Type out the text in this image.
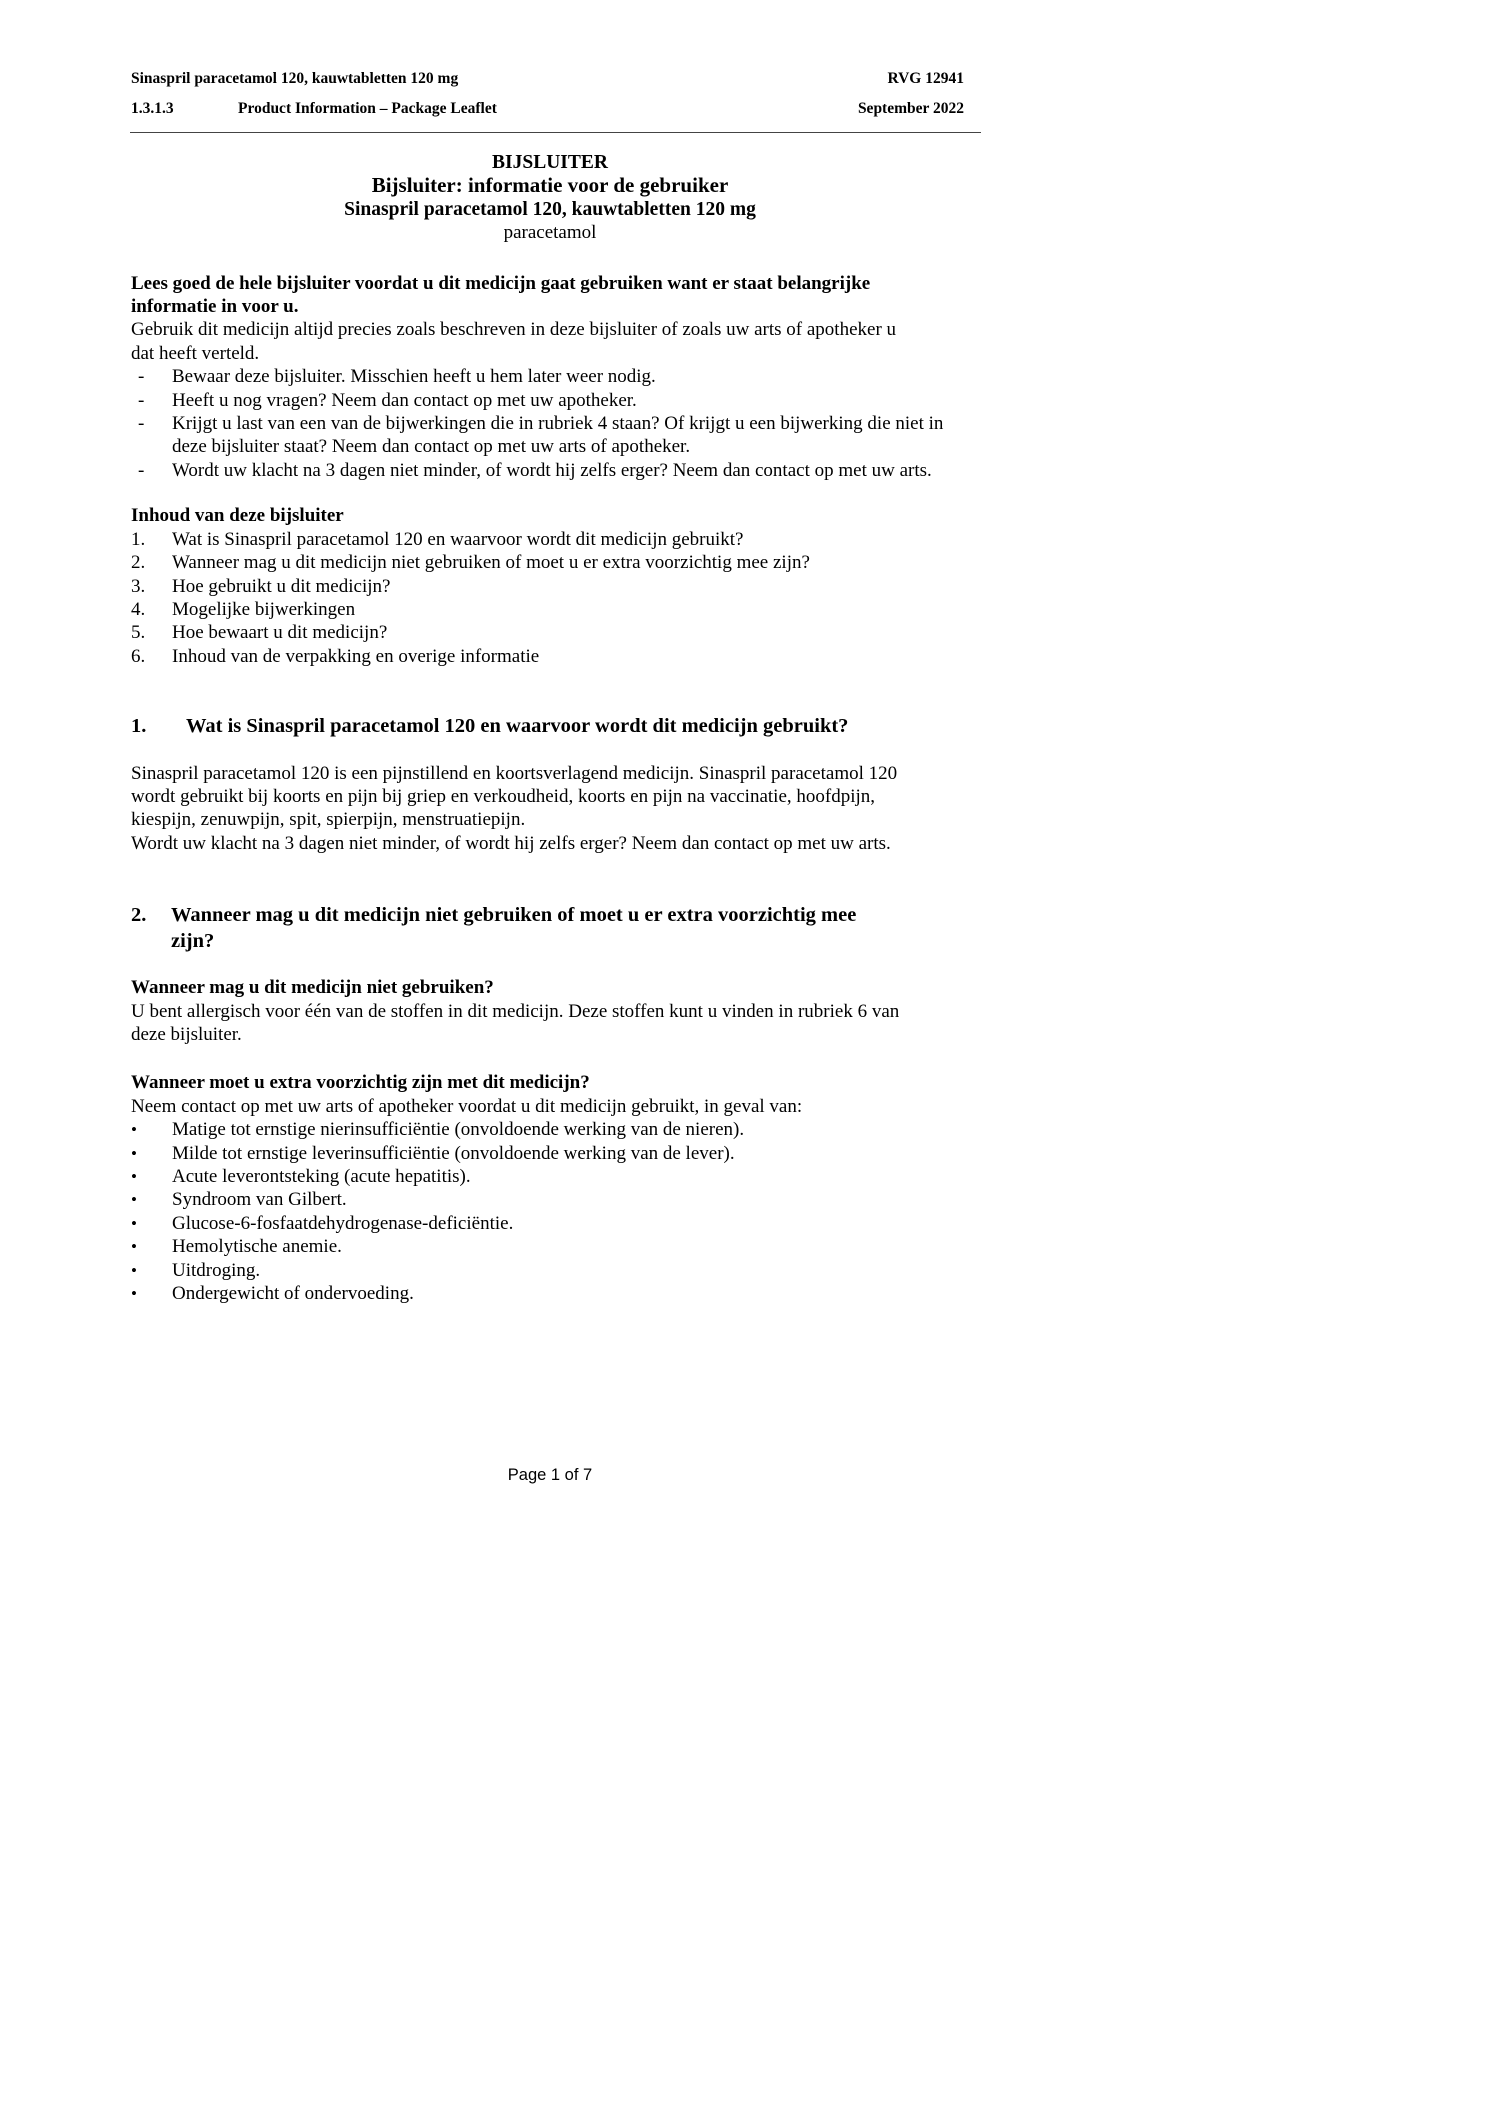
Sinaspril paracetamol 120, kauwtabletten 120 mg	RVG 12941
1.3.1.3	Product Information – Package Leaflet	September 2022

BIJSLUITER

Bijsluiter: informatie voor de gebruiker

Sinaspril paracetamol 120, kauwtabletten 120 mg

paracetamol

Lees goed de hele bijsluiter voordat u dit medicijn gaat gebruiken want er staat belangrijke

informatie in voor u.

Gebruik dit medicijn altijd precies zoals beschreven in deze bijsluiter of zoals uw arts of apotheker u

dat heeft verteld.

- Bewaar deze bijsluiter. Misschien heeft u hem later weer nodig.
- Heeft u nog vragen? Neem dan contact op met uw apotheker.
- Krijgt u last van een van de bijwerkingen die in rubriek 4 staan? Of krijgt u een bijwerking die niet in deze bijsluiter staat? Neem dan contact op met uw arts of apotheker.
- Wordt uw klacht na 3 dagen niet minder, of wordt hij zelfs erger? Neem dan contact op met uw arts.

Inhoud van deze bijsluiter

1. Wat is Sinaspril paracetamol 120 en waarvoor wordt dit medicijn gebruikt?
2. Wanneer mag u dit medicijn niet gebruiken of moet u er extra voorzichtig mee zijn?
3. Hoe gebruikt u dit medicijn?
4. Mogelijke bijwerkingen
5. Hoe bewaart u dit medicijn?
6. Inhoud van de verpakking en overige informatie
1. Wat is Sinaspril paracetamol 120 en waarvoor wordt dit medicijn gebruikt?

Sinaspril paracetamol 120 is een pijnstillend en koortsverlagend medicijn. Sinaspril paracetamol 120

wordt gebruikt bij koorts en pijn bij griep en verkoudheid, koorts en pijn na vaccinatie, hoofdpijn,

kiespijn, zenuwpijn, spit, spierpijn, menstruatiepijn.

Wordt uw klacht na 3 dagen niet minder, of wordt hij zelfs erger? Neem dan contact op met uw arts.

2. Wanneer mag u dit medicijn niet gebruiken of moet u er extra voorzichtig mee
zijn?

Wanneer mag u dit medicijn niet gebruiken?

U bent allergisch voor één van de stoffen in dit medicijn. Deze stoffen kunt u vinden in rubriek 6 van

deze bijsluiter.

Wanneer moet u extra voorzichtig zijn met dit medicijn?

Neem contact op met uw arts of apotheker voordat u dit medicijn gebruikt, in geval van:

• Matige tot ernstige nierinsufficiëntie (onvoldoende werking van de nieren).
• Milde tot ernstige leverinsufficiëntie (onvoldoende werking van de lever).
• Acute leverontsteking (acute hepatitis).
• Syndroom van Gilbert.
• Glucose-6-fosfaatdehydrogenase-deficiëntie.
• Hemolytische anemie.
• Uitdroging.
• Ondergewicht of ondervoeding.
Page 1 of 7
